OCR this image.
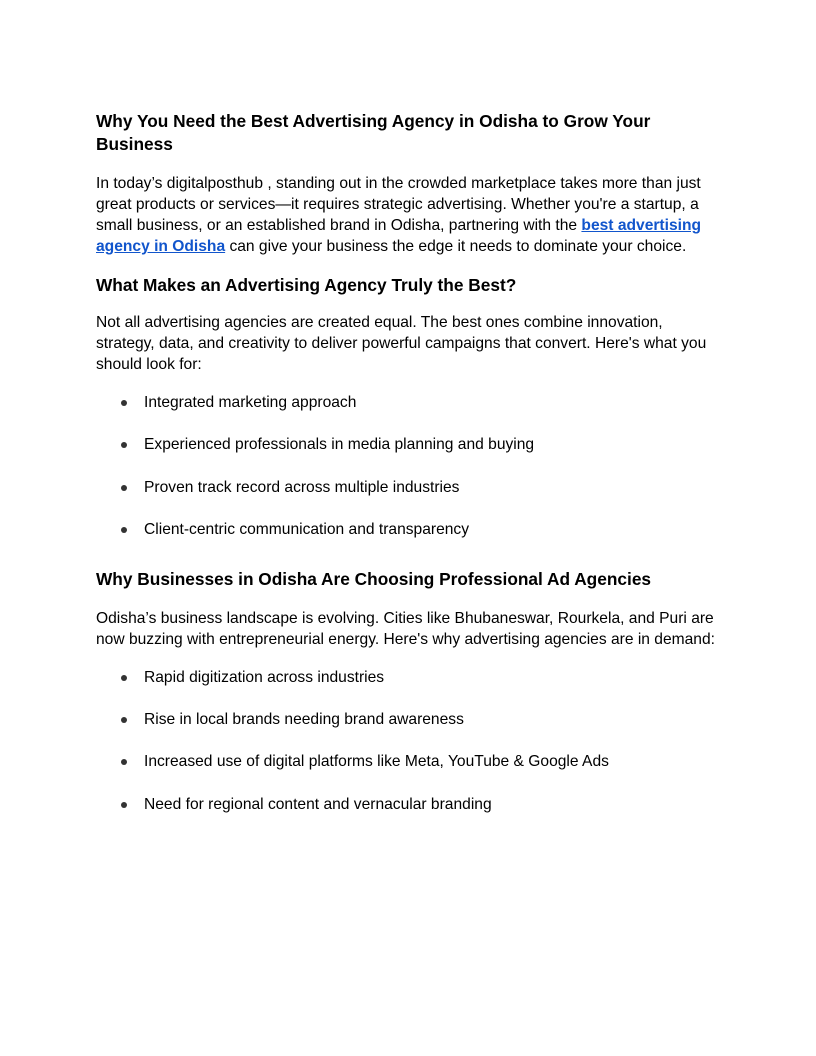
Why You Need the Best Advertising Agency in Odisha to Grow Your Business

In today’s digitalposthub , standing out in the crowded marketplace takes more than just great products or services—it requires strategic advertising. Whether you're a startup, a small business, or an established brand in Odisha, partnering with the best advertising agency in Odisha can give your business the edge it needs to dominate your choice.

What Makes an Advertising Agency Truly the Best?

Not all advertising agencies are created equal. The best ones combine innovation, strategy, data, and creativity to deliver powerful campaigns that convert. Here's what you should look for:

Integrated marketing approach
Experienced professionals in media planning and buying
Proven track record across multiple industries
Client-centric communication and transparency
Why Businesses in Odisha Are Choosing Professional Ad Agencies

Odisha’s business landscape is evolving. Cities like Bhubaneswar, Rourkela, and Puri are now buzzing with entrepreneurial energy. Here's why advertising agencies are in demand:

Rapid digitization across industries
Rise in local brands needing brand awareness
Increased use of digital platforms like Meta, YouTube & Google Ads
Need for regional content and vernacular branding
